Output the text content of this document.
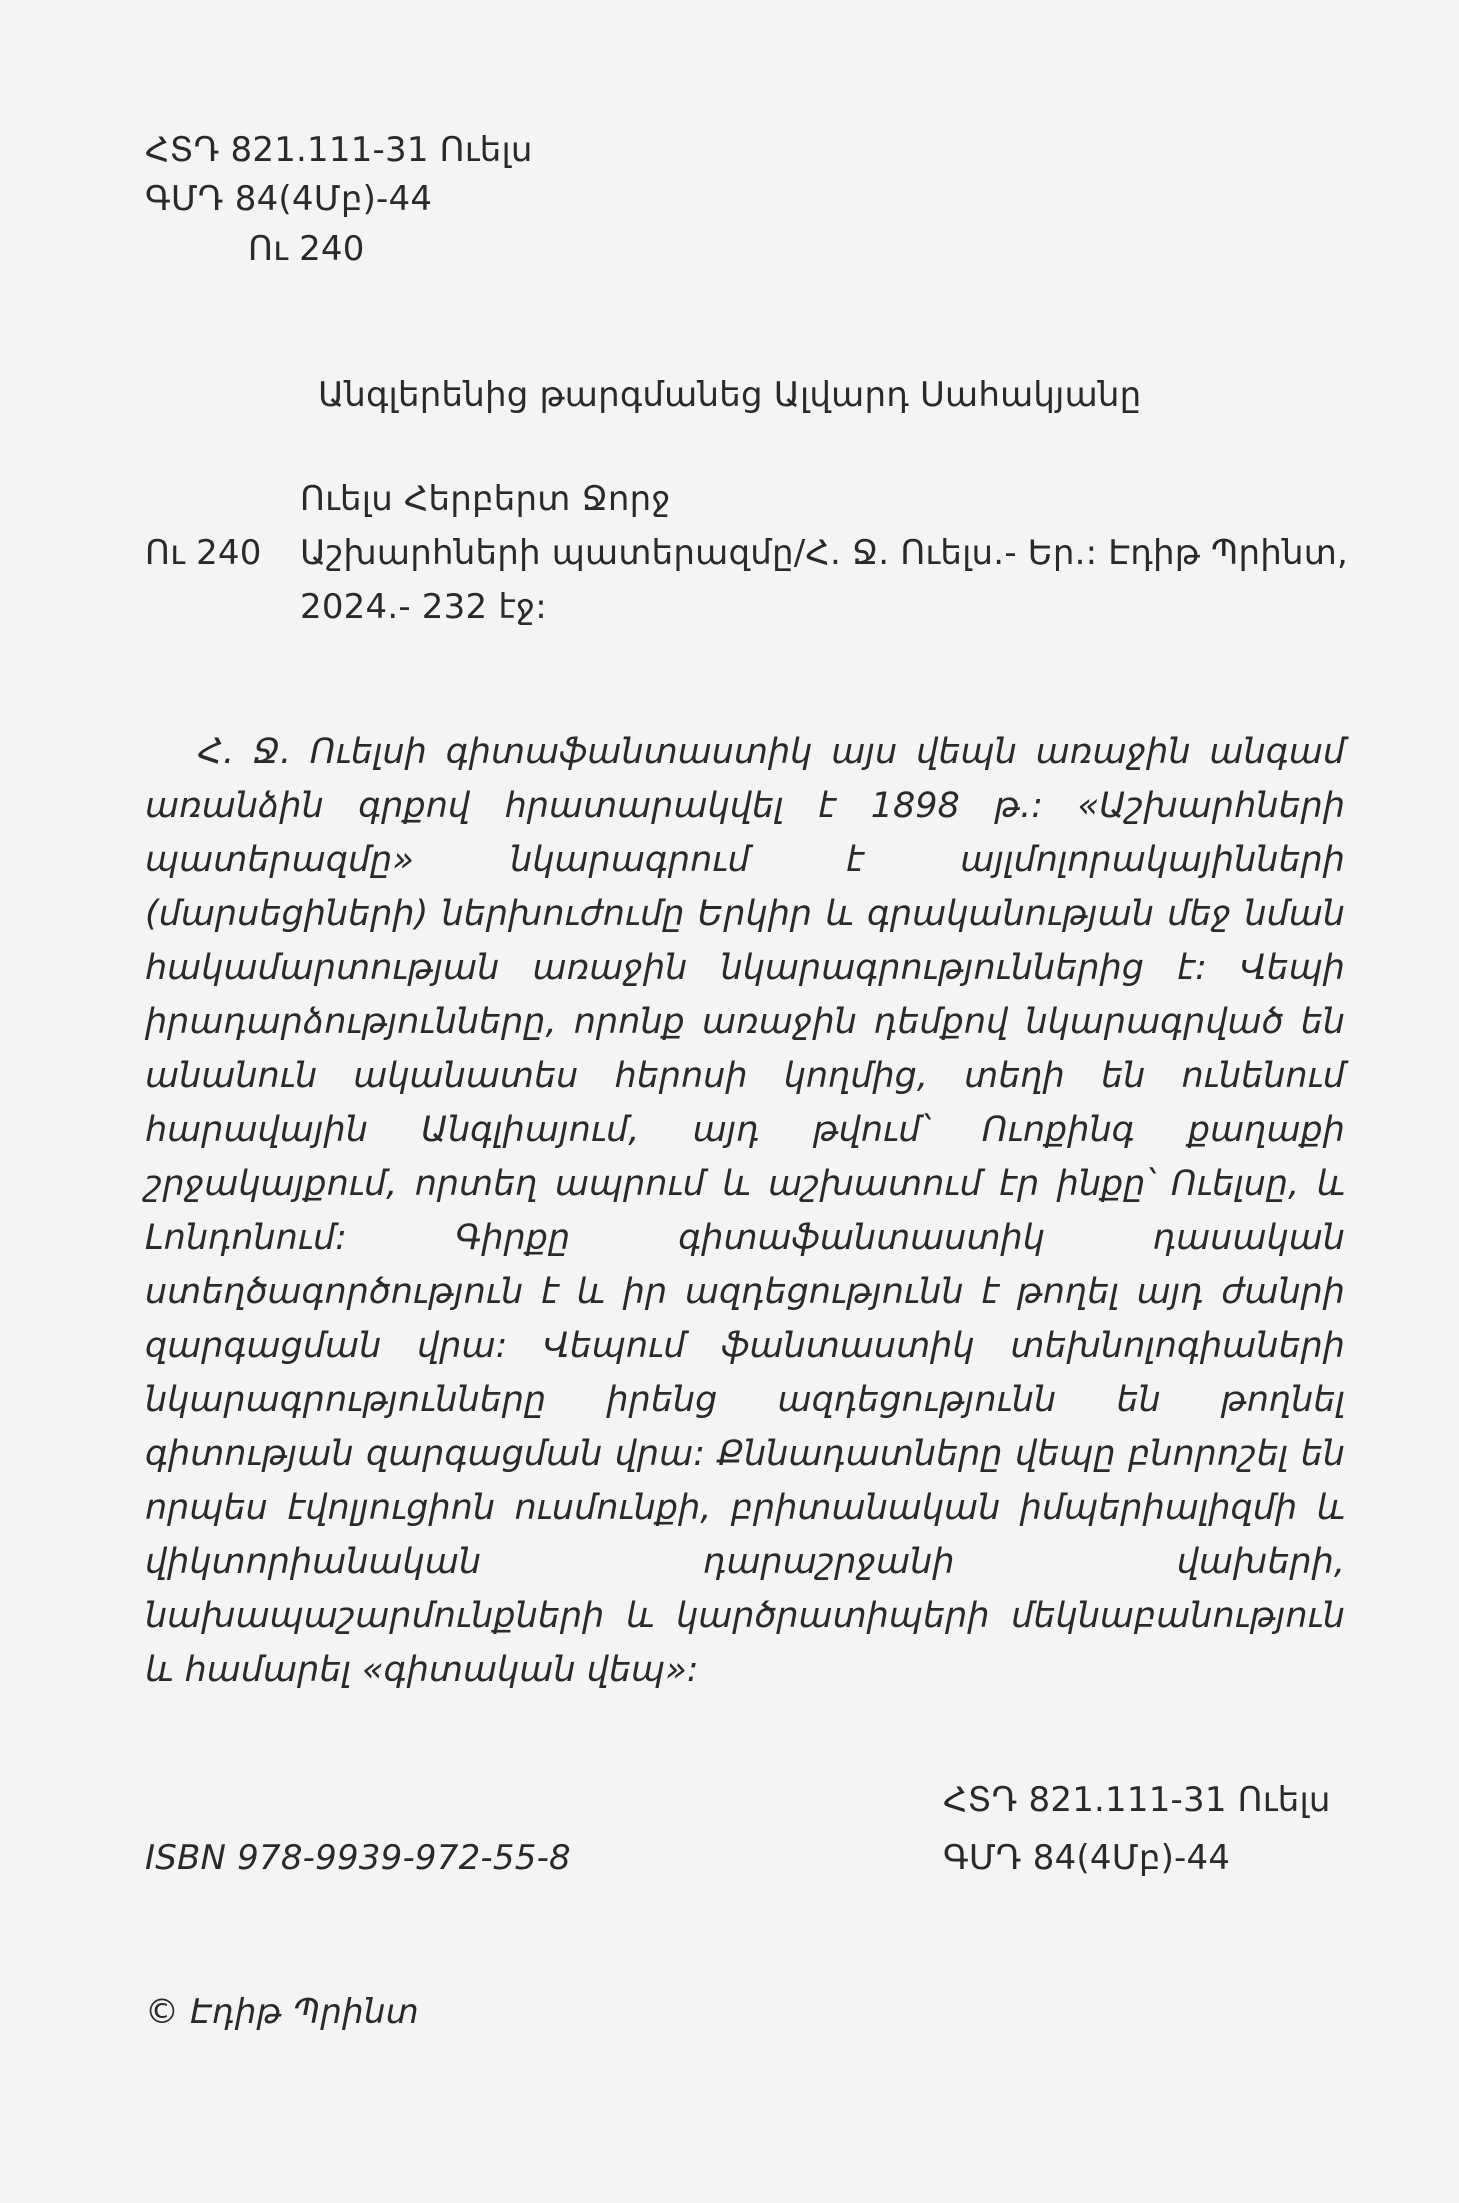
ՀՏԴ 821.111-31 Ուելս
ԳՄԴ 84(4Մբ)-44
Ու 240
Անգլերենից թարգմանեց Ալվարդ Սահակյանը
Ուելս Հերբերտ Ջորջ
Ու 240 Աշխարհների պատերազմը/Հ. Ջ. Ուելս.- Եր.: Էդիթ Պրինտ,
2024.- 232 էջ:

Հ. Ջ. Ուելսի գիտաֆանտաստիկ այս վեպն առաջին անգամ առանձին գրքով հրատարակվել է 1898 թ.: «Աշխարհների պատերազմը» նկարագրում է այլմոլորակայինների (մարսեցիների) ներխուժումը Երկիր և գրականության մեջ նման հակամարտության առաջին նկարագրություններից է: Վեպի իրադարձությունները, որոնք առաջին դեմքով նկարագրված են անանուն ականատես հերոսի կողմից, տեղի են ունենում հարավային Անգլիայում, այդ թվում՝ Ուոքինգ քաղաքի շրջակայքում, որտեղ ապրում և աշխատում էր ինքը՝ Ուելսը, և Լոնդոնում: Գիրքը գիտաֆանտաստիկ դասական ստեղծագործություն է և իր ազդեցությունն է թողել այդ ժանրի զարգացման վրա: Վեպում ֆանտաստիկ տեխնոլոգիաների նկարագրությունները իրենց ազդեցությունն են թողնել գիտության զարգացման վրա: Քննադատները վեպը բնորոշել են որպես էվոլյուցիոն ուսմունքի, բրիտանական իմպերիալիզմի և վիկտորիանական դարաշրջանի վախերի, նախապաշարմունքների և կարծրատիպերի մեկնաբանություն և համարել «գիտական վեպ»:

ՀՏԴ 821.111-31 Ուելս
ԳՄԴ 84(4Մբ)-44
ISBN 978-9939-972-55-8
© Էդիթ Պրինտ
